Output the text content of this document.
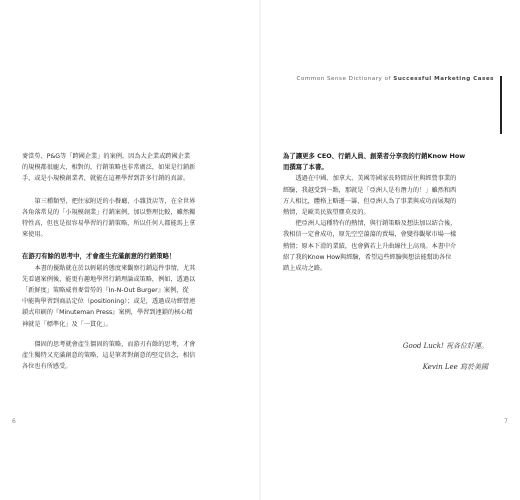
Common Sense Dictionary of Successful Marketing Cases

麥當勞、P&G等「跨國企業」的案例，因為大企業或跨國企業
的規模都很龐大，相對的，行銷策略也非常廣泛，如果是行銷新
手，或是小規模創業者，就能在這裡學習到許多行銷的真諦。

第三種類型，把住家附近的小餐廳、小雜貨店等，在全世界
各角落常見的「小規模創業」行銷案例，加以整理比較，雖然獨
特性高，但也是很容易學習的行銷策略，所以任何人都能馬上拿
來使用。

在游刃有餘的思考中，才會產生充滿創意的行銷策略！

本書的優點就在於以輕鬆的態度來觀察行銷這件事情，尤其
先看過案例後，能更有趣地學習行銷理論或策略，例如，透過以
「新鮮度」策略威脅麥當勞的『In-N-Out Burger』案例，從
中能夠學習到商品定位（positioning）；或是，透過成功經營連
鎖式印刷的『Minuteman Press』案例，學習到連鎖的核心精
神就是「標準化」及「一貫化」。

僵固的思考就會產生僵固的策略，而游刃有餘的思考，才會
產生獨特又充滿創意的策略，這是筆者對創意的堅定信念，相信
各位也有所感受。

6

為了讓更多 CEO、行銷人員、創業者分享我的行銷Know How
而撰寫了本書。

透過在中國、加拿大、美國等國家長時間居住與經營事業的
經驗，我越受到一點，那就是「亞洲人是有潛力的！」雖然和西
方人相比，體格上略遜一籌，但亞洲人為了事業與成功而展現的
熱情，是歐美民族望塵莫及的。

把亞洲人這種特有的熱情，與行銷策略及想法加以結合後，
我相信一定會成功，原先空空蕩蕩的賣場，會變得觀眾市場一樣
熱情；原本下滑的業績，也會猶若上升曲線往上高飛。本書中介
紹了我的Know How與經驗，希望這些經驗與想法能幫助各位
踏上成功之路。

Good Luck! 祝各位好運。
Kevin Lee 寫於美國
7
